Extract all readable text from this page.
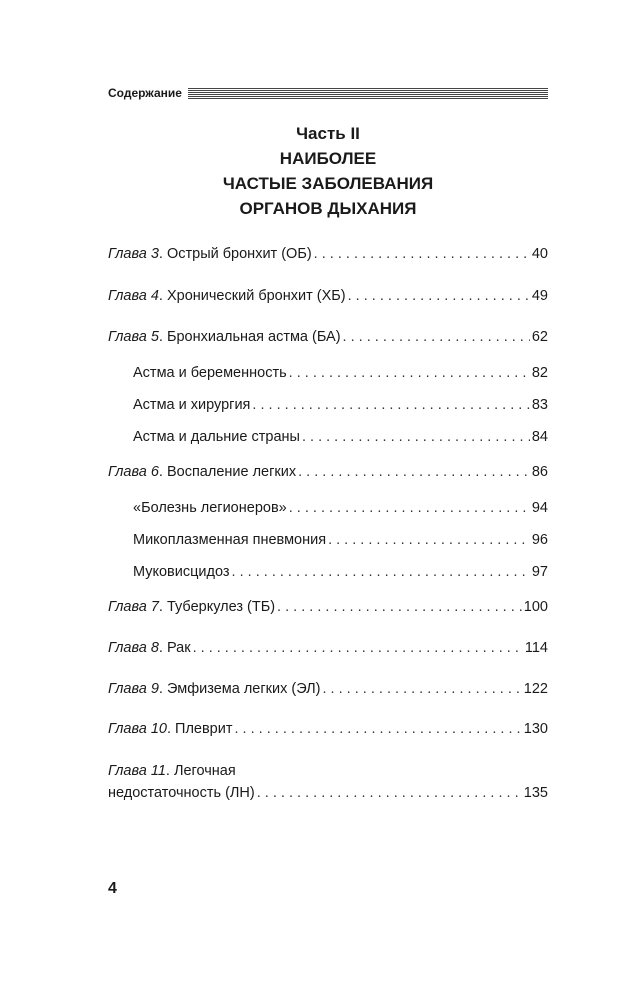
Содержание
Часть II
НАИБОЛЕЕ
ЧАСТЫЕ ЗАБОЛЕВАНИЯ
ОРГАНОВ ДЫХАНИЯ
Глава 3 . Острый бронхит (ОБ) . . .	40
Глава 4 . Хронический бронхит (ХБ) . . .	49
Глава 5 . Бронхиальная астма (БА) . . .	62
Астма и беременность . . .	82
Астма и хирургия . . .	83
Астма и дальние страны . . .	84
Глава 6 . Воспаление легких . . .	86
«Болезнь легионеров» . . .	94
Микоплазменная пневмония . . .	96
Муковисцидоз . . .	97
Глава 7 . Туберкулез (ТБ) . . .	100
Глава 8 . Рак . . .	114
Глава 9 . Эмфизема легких (ЭЛ) . . .	122
Глава 10 . Плеврит . . .	130
Глава 11. Легочная
недостаточность (ЛН) . . .	135
4
